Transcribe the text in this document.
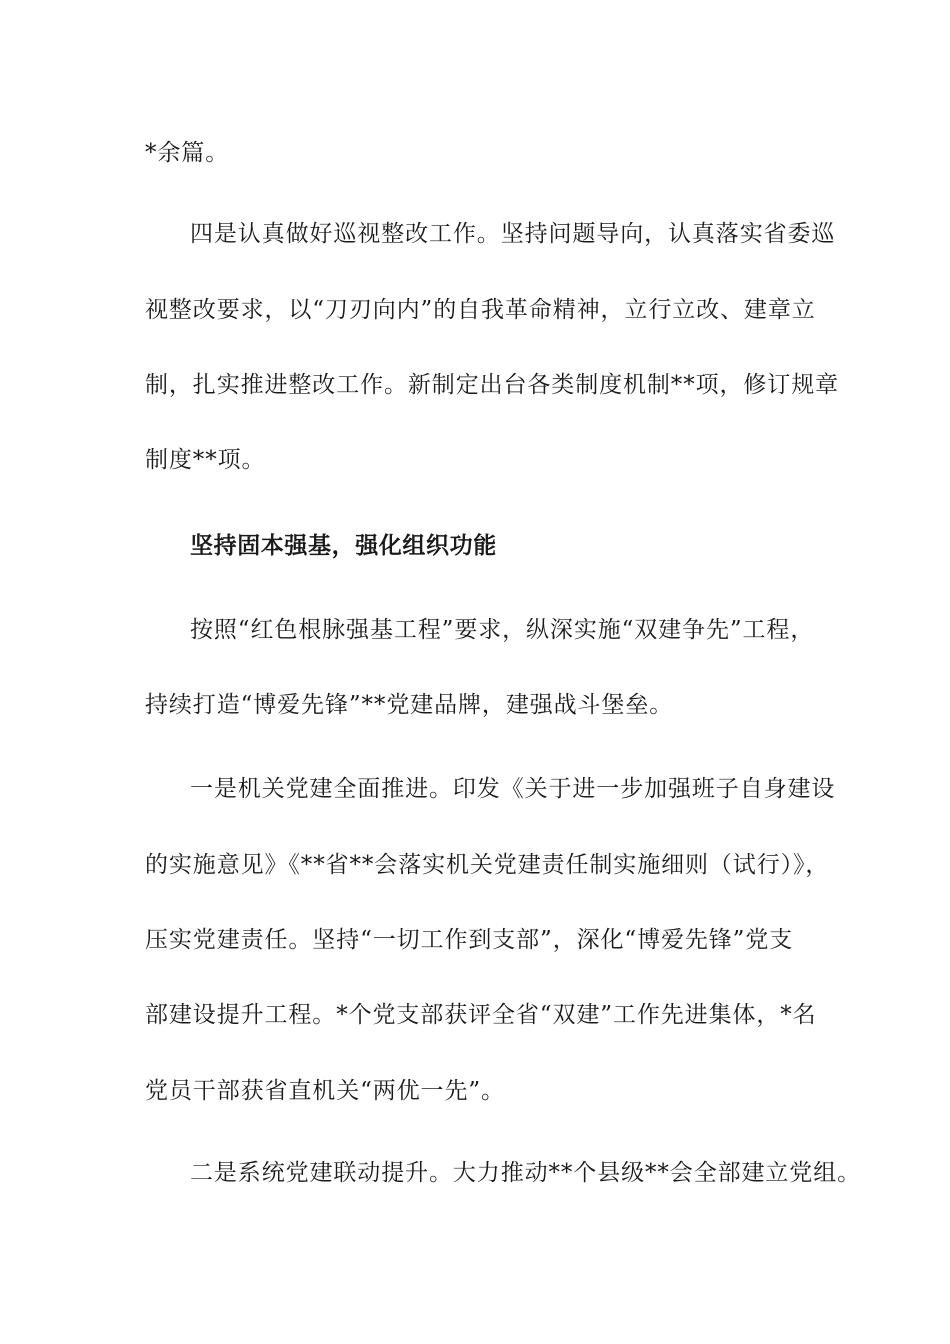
*余篇。
四是认真做好巡视整改工作。坚持问题导向，认真落实省委巡
视整改要求，以“刀刃向内”的自我革命精神，立行立改、建章立
制，扎实推进整改工作。新制定出台各类制度机制**项，修订规章
制度**项。
坚持固本强基，强化组织功能
按照“红色根脉强基工程”要求，纵深实施“双建争先”工程，
持续打造“博爱先锋”**党建品牌，建强战斗堡垒。
一是机关党建全面推进。印发《关于进一步加强班子自身建设
的实施意见》《**省**会落实机关党建责任制实施细则（试行）》，
压实党建责任。坚持“一切工作到支部”，深化“博爱先锋”党支
部建设提升工程。*个党支部获评全省“双建”工作先进集体，*名
党员干部获省直机关“两优一先”。
二是系统党建联动提升。大力推动**个县级**会全部建立党组。
